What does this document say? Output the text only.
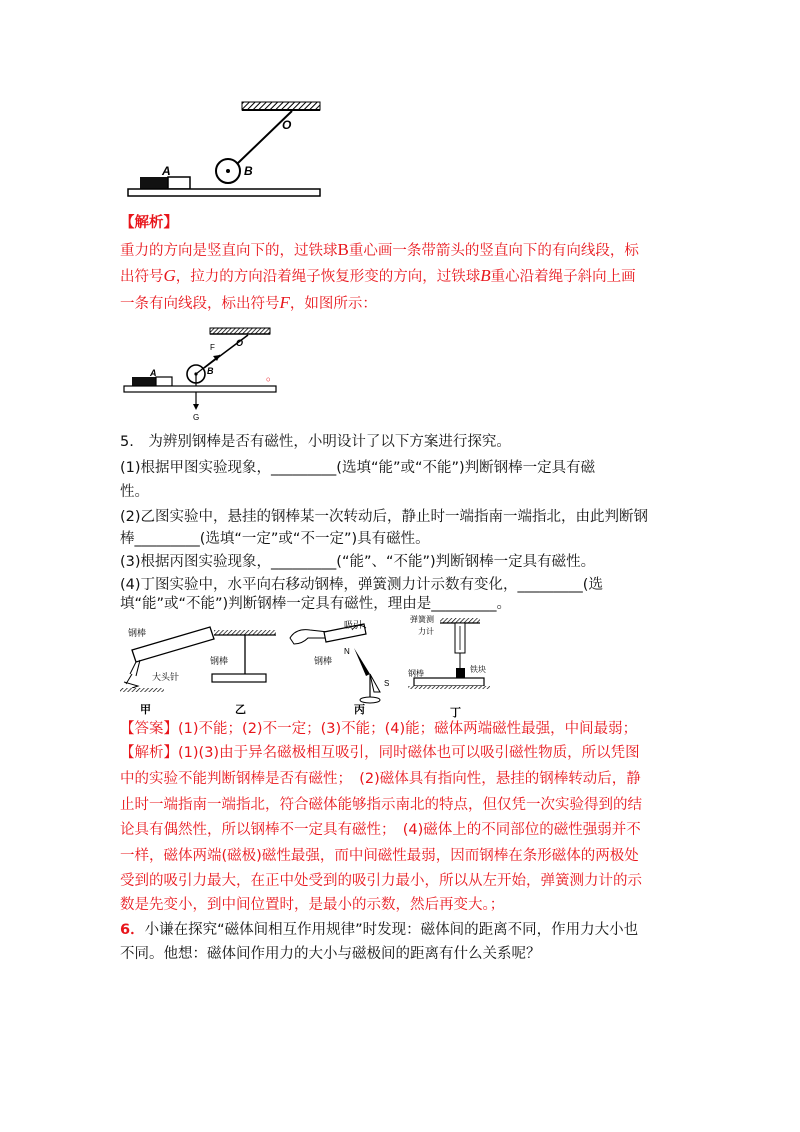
O
B
A
【解析】
重力的方向是竖直向下的，过铁球B重心画一条带箭头的竖直向下的有向线段，标
出符号G，拉力的方向沿着绳子恢复形变的方向，过铁球B重心沿着绳子斜向上画
一条有向线段，标出符号F，如图所示：
O
B
F
G
A	。
5.　为辨别钢棒是否有磁性，小明设计了以下方案进行探究。
(1)根据甲图实验现象，_________(选填“能”或“不能”)判断钢棒一定具有磁
性。
(2)乙图实验中，悬挂的钢棒某一次转动后，静止时一端指南一端指北，由此判断钢
棒_________(选填“一定”或“不一定”)具有磁性。
(3)根据丙图实验现象，_________(“能”、“不能”)判断钢棒一定具有磁性。
(4)丁图实验中，水平向右移动钢棒，弹簧测力计示数有变化，_________(选
填“能”或“不能”)判断钢棒一定具有磁性，理由是_________。
钢棒
大头针
甲
钢棒
乙
吸引
N
S
钢棒
丙
弹簧测
力计
铁块
钢棒
丁
【答案】(1)不能；(2)不一定；(3)不能；(4)能；磁体两端磁性最强，中间最弱；
【解析】(1)(3)由于异名磁极相互吸引，同时磁体也可以吸引磁性物质，所以凭图
中的实验不能判断钢棒是否有磁性；　(2)磁体具有指向性，悬挂的钢棒转动后，静
止时一端指南一端指北，符合磁体能够指示南北的特点，但仅凭一次实验得到的结
论具有偶然性，所以钢棒不一定具有磁性；　(4)磁体上的不同部位的磁性强弱并不
一样，磁体两端(磁极)磁性最强，而中间磁性最弱，因而钢棒在条形磁体的两极处
受到的吸引力最大，在正中处受到的吸引力最小，所以从左开始，弹簧测力计的示
数是先变小，到中间位置时，是最小的示数，然后再变大。；
6．小谦在探究“磁体间相互作用规律”时发现：磁体间的距离不同，作用力大小也
不同。他想：磁体间作用力的大小与磁极间的距离有什么关系呢？
